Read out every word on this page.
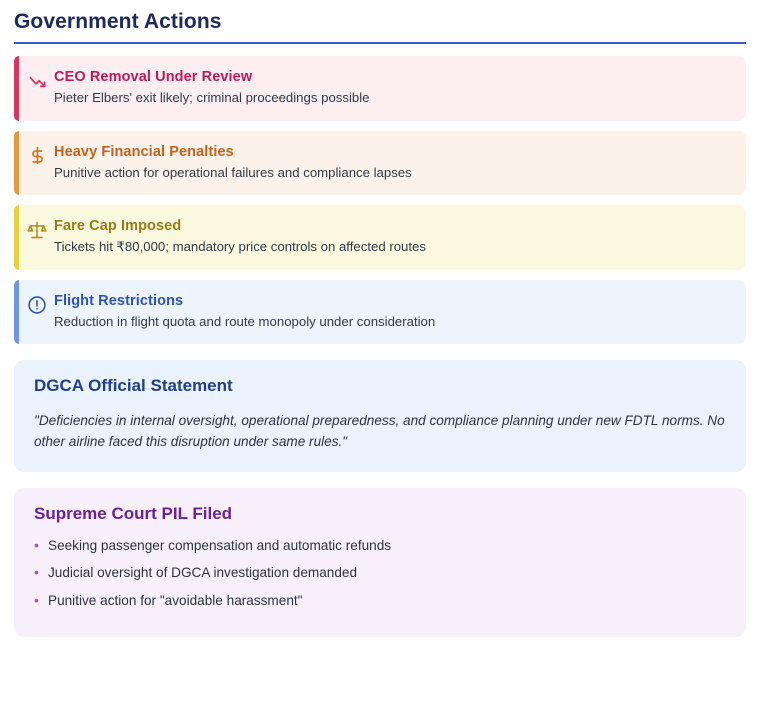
Government Actions
CEO Removal Under Review
Pieter Elbers' exit likely; criminal proceedings possible
Heavy Financial Penalties
Punitive action for operational failures and compliance lapses
Fare Cap Imposed
Tickets hit ₹80,000; mandatory price controls on affected routes
Flight Restrictions
Reduction in flight quota and route monopoly under consideration
DGCA Official Statement
"Deficiencies in internal oversight, operational preparedness, and compliance planning under new FDTL norms. No other airline faced this disruption under same rules."
Supreme Court PIL Filed
• Seeking passenger compensation and automatic refunds
• Judicial oversight of DGCA investigation demanded
• Punitive action for "avoidable harassment"
